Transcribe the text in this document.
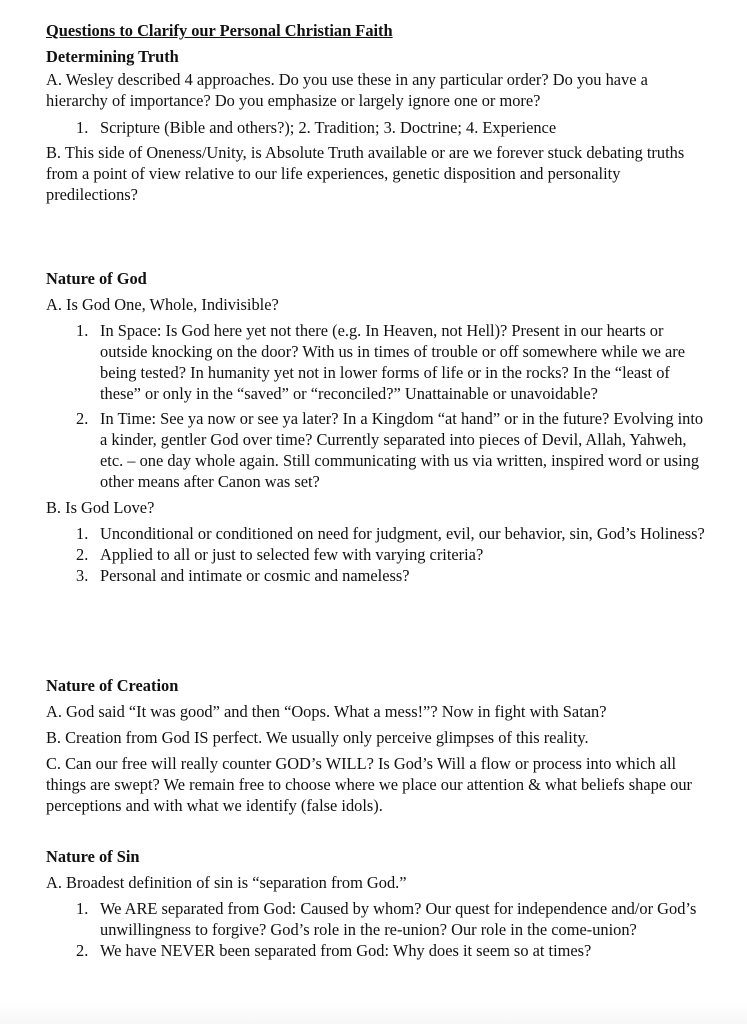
Questions to Clarify our Personal Christian Faith

Determining Truth

A. Wesley described 4 approaches. Do you use these in any particular order? Do you have a hierarchy of importance? Do you emphasize or largely ignore one or more?

1. Scripture (Bible and others?); 2. Tradition; 3. Doctrine; 4. Experience

B. This side of Oneness/Unity, is Absolute Truth available or are we forever stuck debating truths from a point of view relative to our life experiences, genetic disposition and personality predilections?

Nature of God

A. Is God One, Whole, Indivisible?

1. In Space: Is God here yet not there (e.g. In Heaven, not Hell)? Present in our hearts or outside knocking on the door? With us in times of trouble or off somewhere while we are being tested? In humanity yet not in lower forms of life or in the rocks? In the “least of these” or only in the “saved” or “reconciled?” Unattainable or unavoidable?
2. In Time: See ya now or see ya later? In a Kingdom “at hand” or in the future? Evolving into a kinder, gentler God over time? Currently separated into pieces of Devil, Allah, Yahweh, etc. – one day whole again. Still communicating with us via written, inspired word or using other means after Canon was set?

B. Is God Love?

1. Unconditional or conditioned on need for judgment, evil, our behavior, sin, God’s Holiness?
2. Applied to all or just to selected few with varying criteria?
3. Personal and intimate or cosmic and nameless?

Nature of Creation

A. God said “It was good” and then “Oops. What a mess!”? Now in fight with Satan?

B. Creation from God IS perfect. We usually only perceive glimpses of this reality.

C. Can our free will really counter GOD’s WILL? Is God’s Will a flow or process into which all things are swept? We remain free to choose where we place our attention & what beliefs shape our perceptions and with what we identify (false idols).

Nature of Sin

A. Broadest definition of sin is “separation from God.”

1. We ARE separated from God: Caused by whom? Our quest for independence and/or God’s unwillingness to forgive? God’s role in the re-union? Our role in the come-union?
2. We have NEVER been separated from God: Why does it seem so at times?
